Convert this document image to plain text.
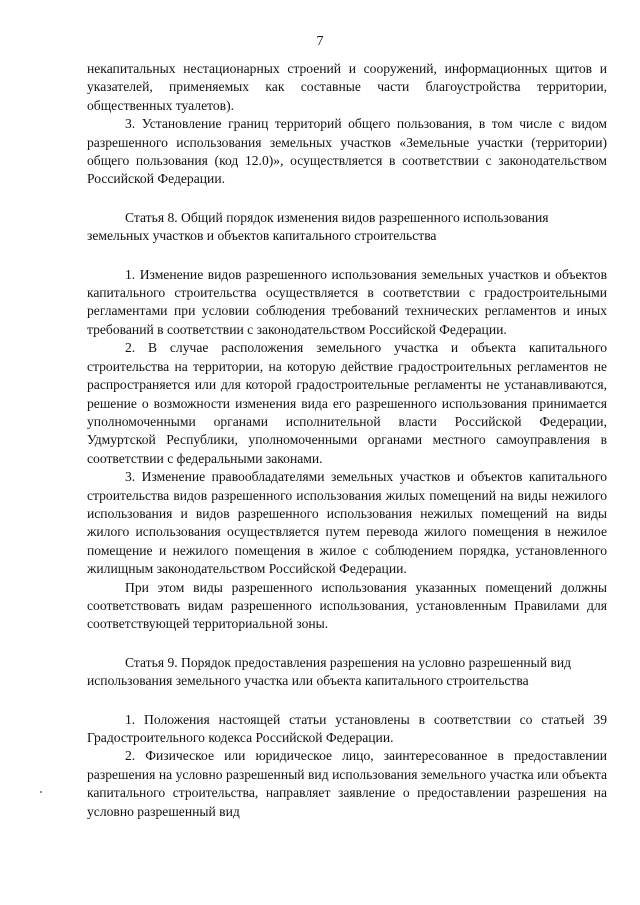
7

некапитальных нестационарных строений и сооружений, информационных щитов и указателей, применяемых как составные части благоустройства территории, общественных туалетов).

3. Установление границ территорий общего пользования, в том числе с видом разрешенного использования земельных участков «Земельные участки (территории) общего пользования (код 12.0)», осуществляется в соответствии с законодательством Российской Федерации.

Статья 8. Общий порядок изменения видов разрешенного использования земельных участков и объектов капитального строительства

1. Изменение видов разрешенного использования земельных участков и объектов капитального строительства осуществляется в соответствии с градостроительными регламентами при условии соблюдения требований технических регламентов и иных требований в соответствии с законодательством Российской Федерации.

2. В случае расположения земельного участка и объекта капитального строительства на территории, на которую действие градостроительных регламентов не распространяется или для которой градостроительные регламенты не устанавливаются, решение о возможности изменения вида его разрешенного использования принимается уполномоченными органами исполнительной власти Российской Федерации, Удмуртской Республики, уполномоченными органами местного самоуправления в соответствии с федеральными законами.

3. Изменение правообладателями земельных участков и объектов капитального строительства видов разрешенного использования жилых помещений на виды нежилого использования и видов разрешенного использования нежилых помещений на виды жилого использования осуществляется путем перевода жилого помещения в нежилое помещение и нежилого помещения в жилое с соблюдением порядка, установленного жилищным законодательством Российской Федерации.

При этом виды разрешенного использования указанных помещений должны соответствовать видам разрешенного использования, установленным Правилами для соответствующей территориальной зоны.

Статья 9. Порядок предоставления разрешения на условно разрешенный вид использования земельного участка или объекта капитального строительства

1. Положения настоящей статьи установлены в соответствии со статьей 39 Градостроительного кодекса Российской Федерации.

2. Физическое или юридическое лицо, заинтересованное в предоставлении разрешения на условно разрешенный вид использования земельного участка или объекта капитального строительства, направляет заявление о предоставлении разрешения на условно разрешенный вид
